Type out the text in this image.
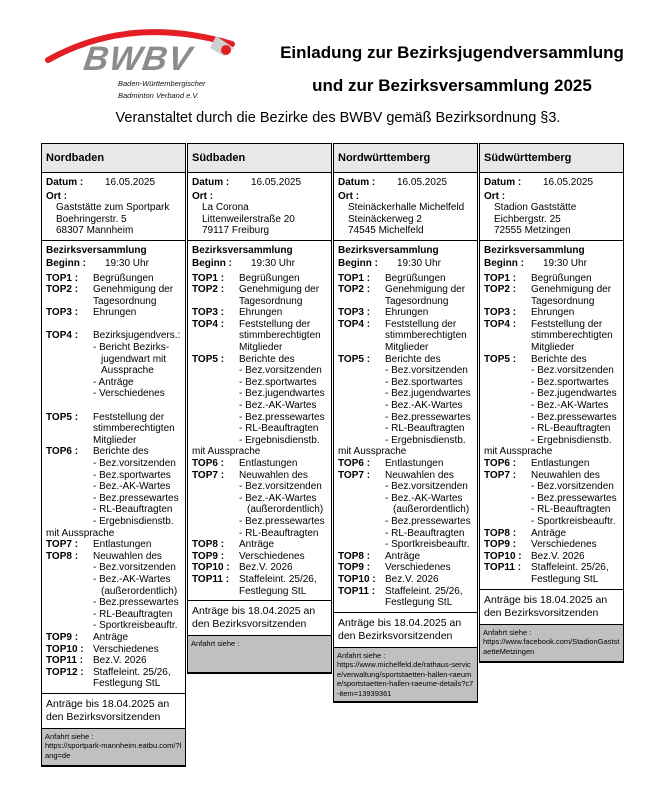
BWBV
Baden-Württembergischer
Badminton Verband e.V.
Einladung zur Bezirksjugendversammlung
und zur Bezirksversammlung 2025
Veranstaltet durch die Bezirke des BWBV gemäß Bezirksordnung §3.
Nordbaden
Datum :	16.05.2025
Ort :
Gaststätte zum Sportpark
Boehringerstr. 5
68307 Mannheim
Bezirksversammlung
Beginn :	19:30 Uhr
TOP1 :	Begrüßungen
TOP2 :	Genehmigung der Tagesordnung
TOP3 :	Ehrungen
TOP4 :	Bezirksjugendvers.:
- Bericht Bezirks-
jugendwart mit
Aussprache
- Anträge
- Verschiedenes
TOP5 :	Feststellung der stimmberechtigten Mitglieder
TOP6 :	Berichte des
- Bez.vorsitzenden
- Bez.sportwartes
- Bez.-AK-Wartes
- Bez.pressewartes
- RL-Beauftragten
- Ergebnisdienstb.
mit Aussprache
TOP7 :	Entlastungen
TOP8 :	Neuwahlen des
- Bez.vorsitzenden
- Bez.-AK-Wartes
(außerordentlich)
- Bez.pressewartes
- RL-Beauftragten
- Sportkreisbeauftr.
TOP9 :	Anträge
TOP10 : Verschiedenes
TOP11 : Bez.V. 2026
TOP12 : Staffeleint. 25/26, Festlegung StL
Anträge bis 18.04.2025 an den Bezirksvorsitzenden
Anfahrt siehe :
https://sportpark-mannheim.eatbu.com/?lang=de
Südbaden
Datum :	16.05.2025
Ort :
La Corona
Littenweilerstraße 20
79117 Freiburg
Bezirksversammlung
Beginn :	19:30 Uhr
TOP1 :	Begrüßungen
TOP2 :	Genehmigung der Tagesordnung
TOP3 :	Ehrungen
TOP4 :	Feststellung der stimmberechtigten Mitglieder
TOP5 :	Berichte des
- Bez.vorsitzenden
- Bez.sportwartes
- Bez.jugendwartes
- Bez.-AK-Wartes
- Bez.pressewartes
- RL-Beauftragten
- Ergebnisdienstb.
mit Aussprache
TOP6 :	Entlastungen
TOP7 :	Neuwahlen des
- Bez.vorsitzenden
- Bez.-AK-Wartes
(außerordentlich)
- Bez.pressewartes
- RL-Beauftragten
TOP8 :	Anträge
TOP9 :	Verschiedenes
TOP10 : Bez.V. 2026
TOP11 : Staffeleint. 25/26, Festlegung StL
Anträge bis 18.04.2025 an den Bezirksvorsitzenden
Anfahrt siehe :
Nordwürttemberg
Datum :	16.05.2025
Ort :
Steinäckerhalle Michelfeld
Steinäckerweg 2
74545 Michelfeld
Bezirksversammlung
Beginn :	19:30 Uhr
TOP1 :	Begrüßungen
TOP2 :	Genehmigung der Tagesordnung
TOP3 :	Ehrungen
TOP4 :	Feststellung der stimmberechtigten Mitglieder
TOP5 :	Berichte des
- Bez.vorsitzenden
- Bez.sportwartes
- Bez.jugendwartes
- Bez.-AK-Wartes
- Bez.pressewartes
- RL-Beauftragten
- Ergebnisdienstb.
mit Aussprache
TOP6 :	Entlastungen
TOP7 :	Neuwahlen des
- Bez.vorsitzenden
- Bez.-AK-Wartes
(außerordentlich)
- Bez.pressewartes
- RL-Beauftragten
- Sportkreisbeauftr.
TOP8 :	Anträge
TOP9 :	Verschiedenes
TOP10 : Bez.V. 2026
TOP11 : Staffeleint. 25/26, Festlegung StL
Anträge bis 18.04.2025 an den Bezirksvorsitzenden
Anfahrt siehe :
https://www.michelfeld.de/rathaus-service/verwaltung/sportstaetten-hallen-raeume/sportstaetten-hallen-raeume-details?c7-item=13939361
Südwürttemberg
Datum :	16.05.2025
Ort :
Stadion Gaststätte
Eichbergstr. 25
72555 Metzingen
Bezirksversammlung
Beginn :	19:30 Uhr
TOP1 :	Begrüßungen
TOP2 :	Genehmigung der Tagesordnung
TOP3 :	Ehrungen
TOP4 :	Feststellung der stimmberechtigten Mitglieder
TOP5 :	Berichte des
- Bez.vorsitzenden
- Bez.sportwartes
- Bez.jugendwartes
- Bez.-AK-Wartes
- Bez.pressewartes
- RL-Beauftragten
- Ergebnisdienstb.
mit Aussprache
TOP6 :	Entlastungen
TOP7 :	Neuwahlen des
- Bez.vorsitzenden
- Bez.pressewartes
- RL-Beauftragten
- Sportkreisbeauftr.
TOP8 :	Anträge
TOP9 :	Verschiedenes
TOP10 : Bez.V. 2026
TOP11 : Staffeleint. 25/26, Festlegung StL
Anträge bis 18.04.2025 an den Bezirksvorsitzenden
Anfahrt siehe :
https://www.facebook.com/StadionGaststaetteMetzingen
